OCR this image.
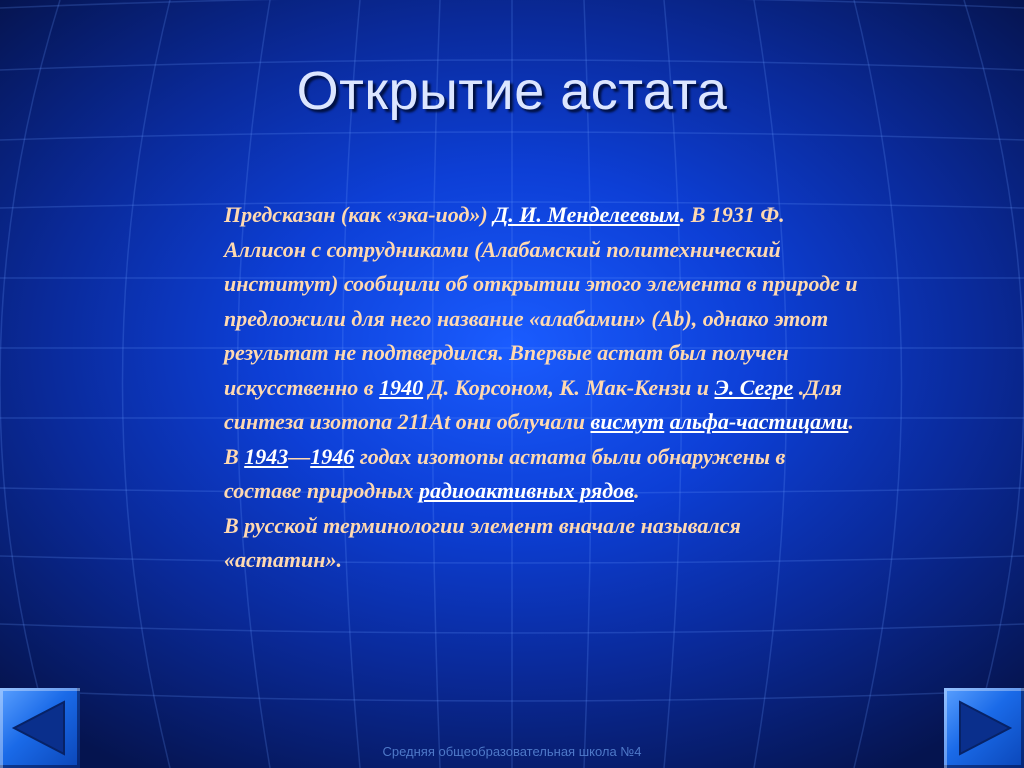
Открытие астата

Предсказан (как «эка-иод») Д. И. Менделеевым. В 1931 Ф. Аллисон с сотрудниками (Алабамский политехнический институт) сообщили об открытии этого элемента в природе и предложили для него название «алабамин» (Ab), однако этот результат не подтвердился. Впервые астат был получен искусственно в 1940 Д. Корсоном, К. Мак-Кензи и Э. Сегре .Для синтеза изотопа 211At они облучали висмут альфа-частицами.

В 1943—1946 годах изотопы астата были обнаружены в составе природных радиоактивных рядов.

В русской терминологии элемент вначале назывался «астатин».

Средняя общеобразовательная школа №4
